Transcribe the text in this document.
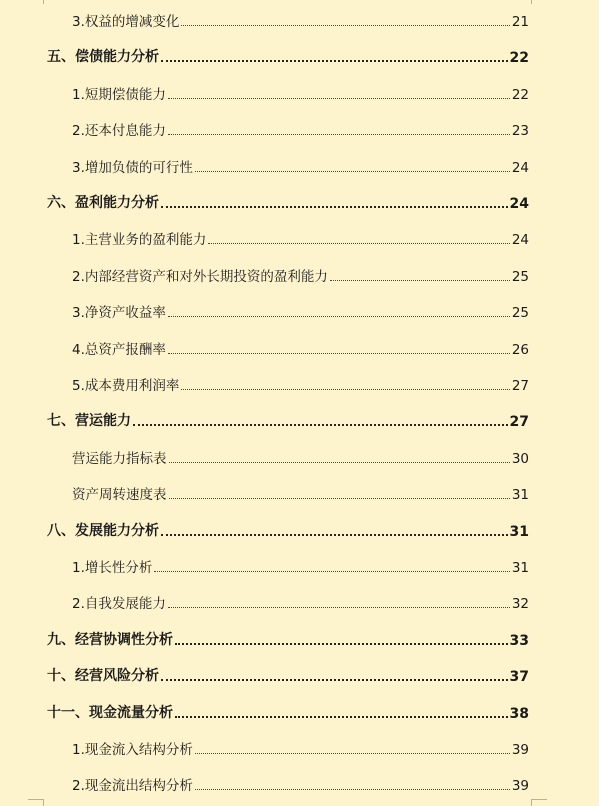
3.权益的增减变化	21
五、偿债能力分析	22
1.短期偿债能力	22
2.还本付息能力	23
3.增加负债的可行性	24
六、盈利能力分析	24
1.主营业务的盈利能力	24
2.内部经营资产和对外长期投资的盈利能力	25
3.净资产收益率	25
4.总资产报酬率	26
5.成本费用利润率	27
七、营运能力	27
营运能力指标表	30
资产周转速度表	31
八、发展能力分析	31
1.增长性分析	31
2.自我发展能力	32
九、经营协调性分析	33
十、经营风险分析	37
十一、现金流量分析	38
1.现金流入结构分析	39
2.现金流出结构分析	39
